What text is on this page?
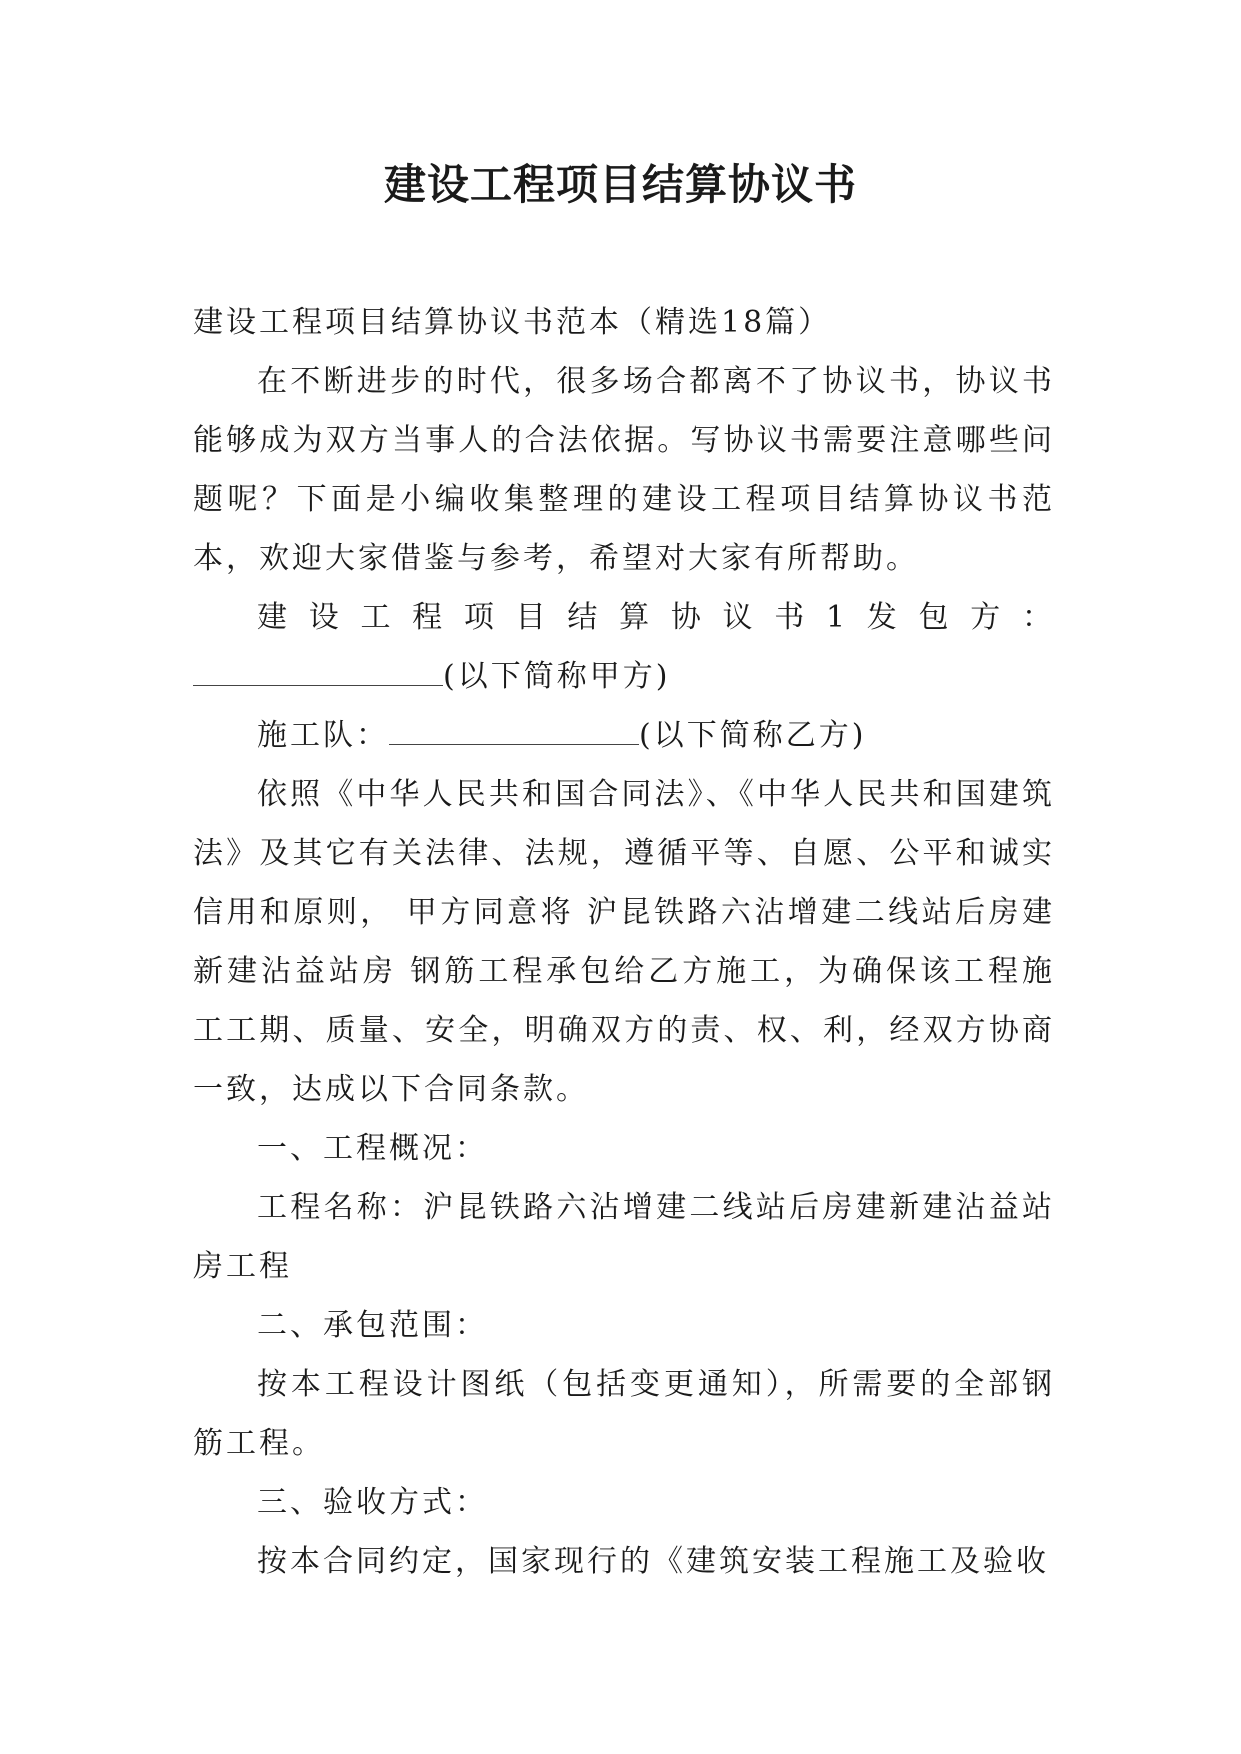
建设工程项目结算协议书

建设工程项目结算协议书范本（精选18篇）

在不断进步的时代，很多场合都离不了协议书，协议书能够成为双方当事人的合法依据。写协议书需要注意哪些问题呢？下面是小编收集整理的建设工程项目结算协议书范本，欢迎大家借鉴与参考，希望对大家有所帮助。

建设工程项目结算协议书1发包方：

(以下简称甲方)

施工队：	(以下简称乙方)

依照《中华人民共和国合同法》、《中华人民共和国建筑法》及其它有关法律、法规，遵循平等、自愿、公平和诚实信用和原则， 甲方同意将 沪昆铁路六沾增建二线站后房建新建沾益站房 钢筋工程承包给乙方施工，为确保该工程施工工期、质量、安全，明确双方的责、权、利，经双方协商一致，达成以下合同条款。

一、工程概况：

工程名称：沪昆铁路六沾增建二线站后房建新建沾益站房工程

二、承包范围：

按本工程设计图纸（包括变更通知），所需要的全部钢筋工程。

三、验收方式：

按本合同约定，国家现行的《建筑安装工程施工及验收
